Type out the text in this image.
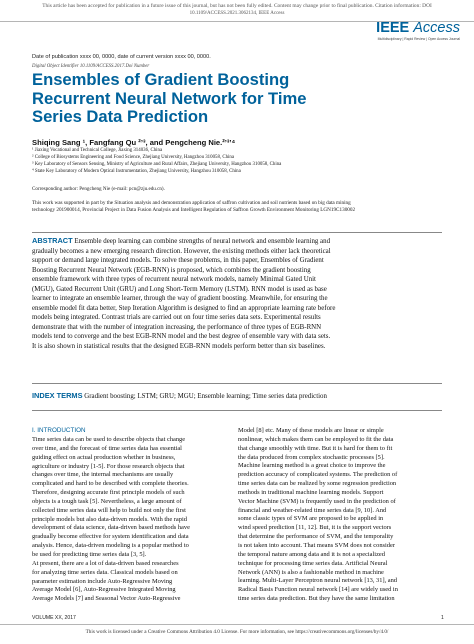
This article has been accepted for publication in a future issue of this journal, but has not been fully edited. Content may change prior to final publication. Citation information: DOI
10.1109/ACCESS.2021.3062134, IEEE Access
IEEE Access
Multidisciplinary | Rapid Review | Open Access Journal
Date of publication xxxx 00, 0000, date of current version xxxx 00, 0000.
Digital Object Identifier 10.1109/ACCESS.2017.Doi Number
Ensembles of Gradient Boosting
Recurrent Neural Network for Time
Series Data Prediction
Shiqing Sang ¹, Fangfang Qu ²ʼ³, and Pengcheng Nie.²ʼ³ʼ⁴
¹ Jiaxing Vocational and Technical College, Jiaxing 314036, China
² College of Biosystems Engineering and Food Science, Zhejiang University, Hangzhou 310058, China
³ Key Laboratory of Sensors Sensing, Ministry of Agriculture and Rural Affairs, Zhejiang University, Hangzhou 310058, China
⁴ State Key Laboratory of Modern Optical Instrumentation, Zhejiang University, Hangzhou 310058, China
Corresponding author: Pengcheng Nie (e-mail: pcn@zju.edu.cn).
This work was supported in part by the Situation analysis and demonstration application of saffron cultivation and soil nutrients based on big data mining
technology 201900014, Provincial Project in Data Fusion Analysis and Intelligent Regulation of Saffron Growth Environment Monitoring LGN19C130002
ABSTRACT Ensemble deep learning can combine strengths of neural network and ensemble learning and
gradually becomes a new emerging research direction. However, the existing methods either lack theoretical
support or demand large integrated models. To solve these problems, in this paper, Ensembles of Gradient
Boosting Recurrent Neural Network (EGB-RNN) is proposed, which combines the gradient boosting
ensemble framework with three types of recurrent neural network models, namely Minimal Gated Unit
(MGU), Gated Recurrent Unit (GRU) and Long Short-Term Memory (LSTM). RNN model is used as base
learner to integrate an ensemble learner, through the way of gradient boosting. Meanwhile, for ensuring the
ensemble model fit data better, Step Iteration Algorithm is designed to find an appropriate learning rate before
models being integrated. Contrast trials are carried out on four time series data sets. Experimental results
demonstrate that with the number of integration increasing, the performance of three types of EGB-RNN
models tend to converge and the best EGB-RNN model and the best degree of ensemble vary with data sets.
It is also shown in statistical results that the designed EGB-RNN models perform better than six baselines.
INDEX TERMS Gradient boosting; LSTM; GRU; MGU; Ensemble learning; Time series data prediction
I. INTRODUCTION
Time series data can be used to describe objects that change
over time, and the forecast of time series data has essential
guiding effect on actual production whether in business,
agriculture or industry [1-5]. For those research objects that
changes over time, the internal mechanisms are usually
complicated and hard to be described with complete theories.
Therefore, designing accurate first principle models of such
objects is a tough task [5]. Nevertheless, a large amount of
collected time series data will help to build not only the first
principle models but also data-driven models. With the rapid
development of data science, data-driven based methods have
gradually become effective for system identification and data
analysis. Hence, data-driven modeling is a popular method to
be used for predicting time series data [3, 5].
At present, there are a lot of data-driven based researches
for analyzing time series data. Classical models based on
parameter estimation include Auto-Regressive Moving
Average Model [6], Auto-Regressive Integrated Moving
Average Models [7] and Seasonal Vector Auto-Regressive
Model [8] etc. Many of these models are linear or simple
nonlinear, which makes them can be employed to fit the data
that change smoothly with time. But it is hard for them to fit
the data produced from complex stochastic processes [5].
Machine learning method is a great choice to improve the
prediction accuracy of complicated systems. The prediction of
time series data can be realized by some regression prediction
methods in traditional machine learning models. Support
Vector Machine (SVM) is frequently used in the prediction of
financial and weather-related time series data [9, 10]. And
some classic types of SVM are proposed to be applied in
wind speed prediction [11, 12]. But, it is the support vectors
that determine the performance of SVM, and the temporality
is not taken into account. That means SVM does not consider
the temporal nature among data and it is not a specialized
technique for processing time series data. Artificial Neural
Network (ANN) is also a fashionable method in machine
learning. Multi-Layer Perceptron neural network [13, 31], and
Radical Basis Function neural network [14] are widely used in
time series data prediction. But they have the same limitation
VOLUME XX, 2017	1
This work is licensed under a Creative Commons Attribution 4.0 License. For more information, see https://creativecommons.org/licenses/by/4.0/
